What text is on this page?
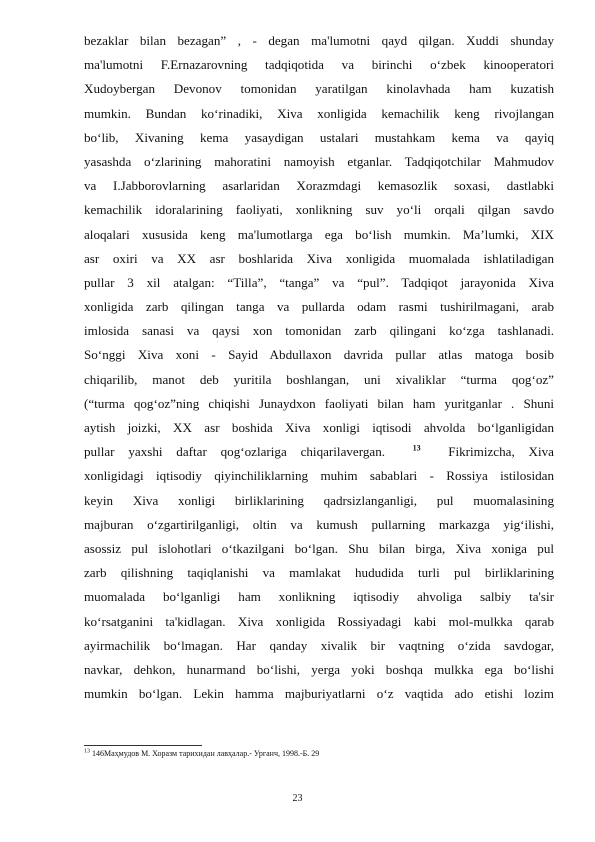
bezaklar bilan bezagan” , - degan ma'lumotni qayd qilgan. Xuddi shunday
ma'lumotni F.Ernazarovning tadqiqotida va birinchi o‘zbek kinooperatori
Xudoybergan Devonov tomonidan yaratilgan kinolavhada ham kuzatish
mumkin. Bundan ko‘rinadiki, Xiva xonligida kemachilik keng rivojlangan
bo‘lib, Xivaning kema yasaydigan ustalari mustahkam kema va qayiq
yasashda o‘zlarining mahoratini namoyish etganlar. Tadqiqotchilar Mahmudov
va I.Jabborovlarning asarlaridan Xorazmdagi kemasozlik soxasi, dastlabki
kemachilik idoralarining faoliyati, xonlikning suv yo‘li orqali qilgan savdo
aloqalari xususida keng ma'lumotlarga ega bo‘lish mumkin. Ma’lumki, XIX
asr oxiri va XX asr boshlarida Xiva xonligida muomalada ishlatiladigan
pullar 3 xil atalgan: “Tilla”, “tanga” va “pul”. Tadqiqot jarayonida Xiva
xonligida zarb qilingan tanga va pullarda odam rasmi tushirilmagani, arab
imlosida sanasi va qaysi xon tomonidan zarb qilingani ko‘zga tashlanadi.
So‘nggi Xiva xoni - Sayid Abdullaxon davrida pullar atlas matoga bosib
chiqarilib, manot deb yuritila boshlangan, uni xivaliklar “turma qog‘oz”
(“turma qog‘oz”ning chiqishi Junaydxon faoliyati bilan ham yuritganlar . Shuni
aytish joizki, XX asr boshida Xiva xonligi iqtisodi ahvolda bo‘lganligidan
pullar yaxshi daftar qog‘ozlariga chiqarilavergan.	$^{13}$ Fikrimizcha, Xiva
xonligidagi iqtisodiy qiyinchiliklarning muhim sabablari - Rossiya istilosidan
keyin Xiva xonligi birliklarining qadrsizlanganligi, pul muomalasining
majburan o‘zgartirilganligi, oltin va kumush pullarning markazga yig‘ilishi,
asossiz pul islohotlari o‘tkazilgani bo‘lgan. Shu bilan birga, Xiva xoniga pul
zarb qilishning taqiqlanishi va mamlakat hududida turli pul birliklarining
muomalada bo‘lganligi ham xonlikning iqtisodiy ahvoliga salbiy ta'sir
ko‘rsatganini ta'kidlagan. Xiva xonligida Rossiyadagi kabi mol-mulkka qarab
ayirmachilik bo‘lmagan. Har qanday xivalik bir vaqtning o‘zida savdogar,
navkar, dehkon, hunarmand bo‘lishi, yerga yoki boshqa mulkka ega bo‘lishi
mumkin bo‘lgan. Lekin hamma majburiyatlarni o‘z vaqtida ado etishi lozim
$^{13}$ 146Маҳмудов М. Хоразм тарихидан лавҳалар.- Урганч, 1998.-Б. 29
23
